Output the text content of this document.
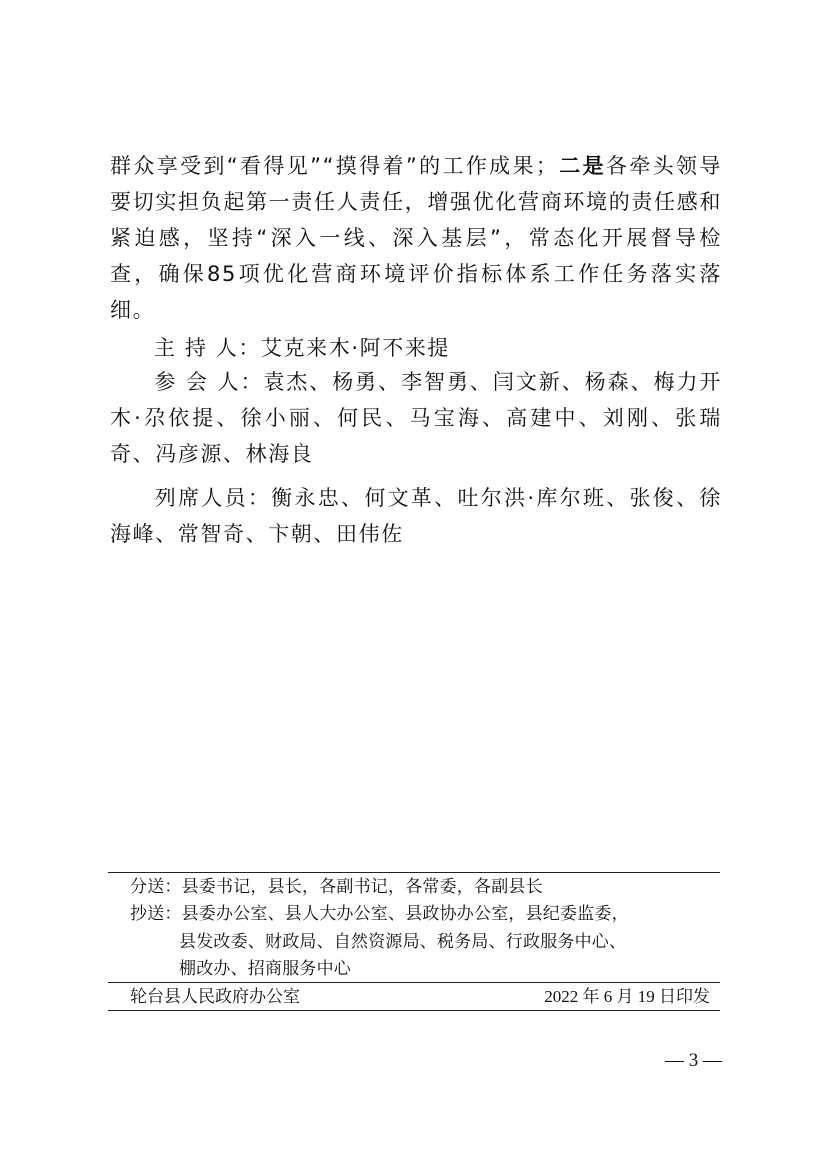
群众享受到“看得见”“摸得着”的工作成果；二是各牵头领导要切实担负起第一责任人责任，增强优化营商环境的责任感和紧迫感，坚持“深入一线、深入基层”，常态化开展督导检查，确保85项优化营商环境评价指标体系工作任务落实落细。
主 持 人：艾克来木·阿不来提
参 会 人：袁杰、杨勇、李智勇、闫文新、杨森、梅力开木·尕依提、徐小丽、何民、马宝海、高建中、刘刚、张瑞奇、冯彦源、林海良
列席人员：衡永忠、何文革、吐尔洪·库尔班、张俊、徐海峰、常智奇、卞朝、田伟佐
分送：县委书记，县长，各副书记，各常委，各副县长
抄送：县委办公室、县人大办公室、县政协办公室，县纪委监委，
县发改委、财政局、自然资源局、税务局、行政服务中心、
棚改办、招商服务中心
轮台县人民政府办公室	2022 年 6 月 19 日印发
— 3 —
